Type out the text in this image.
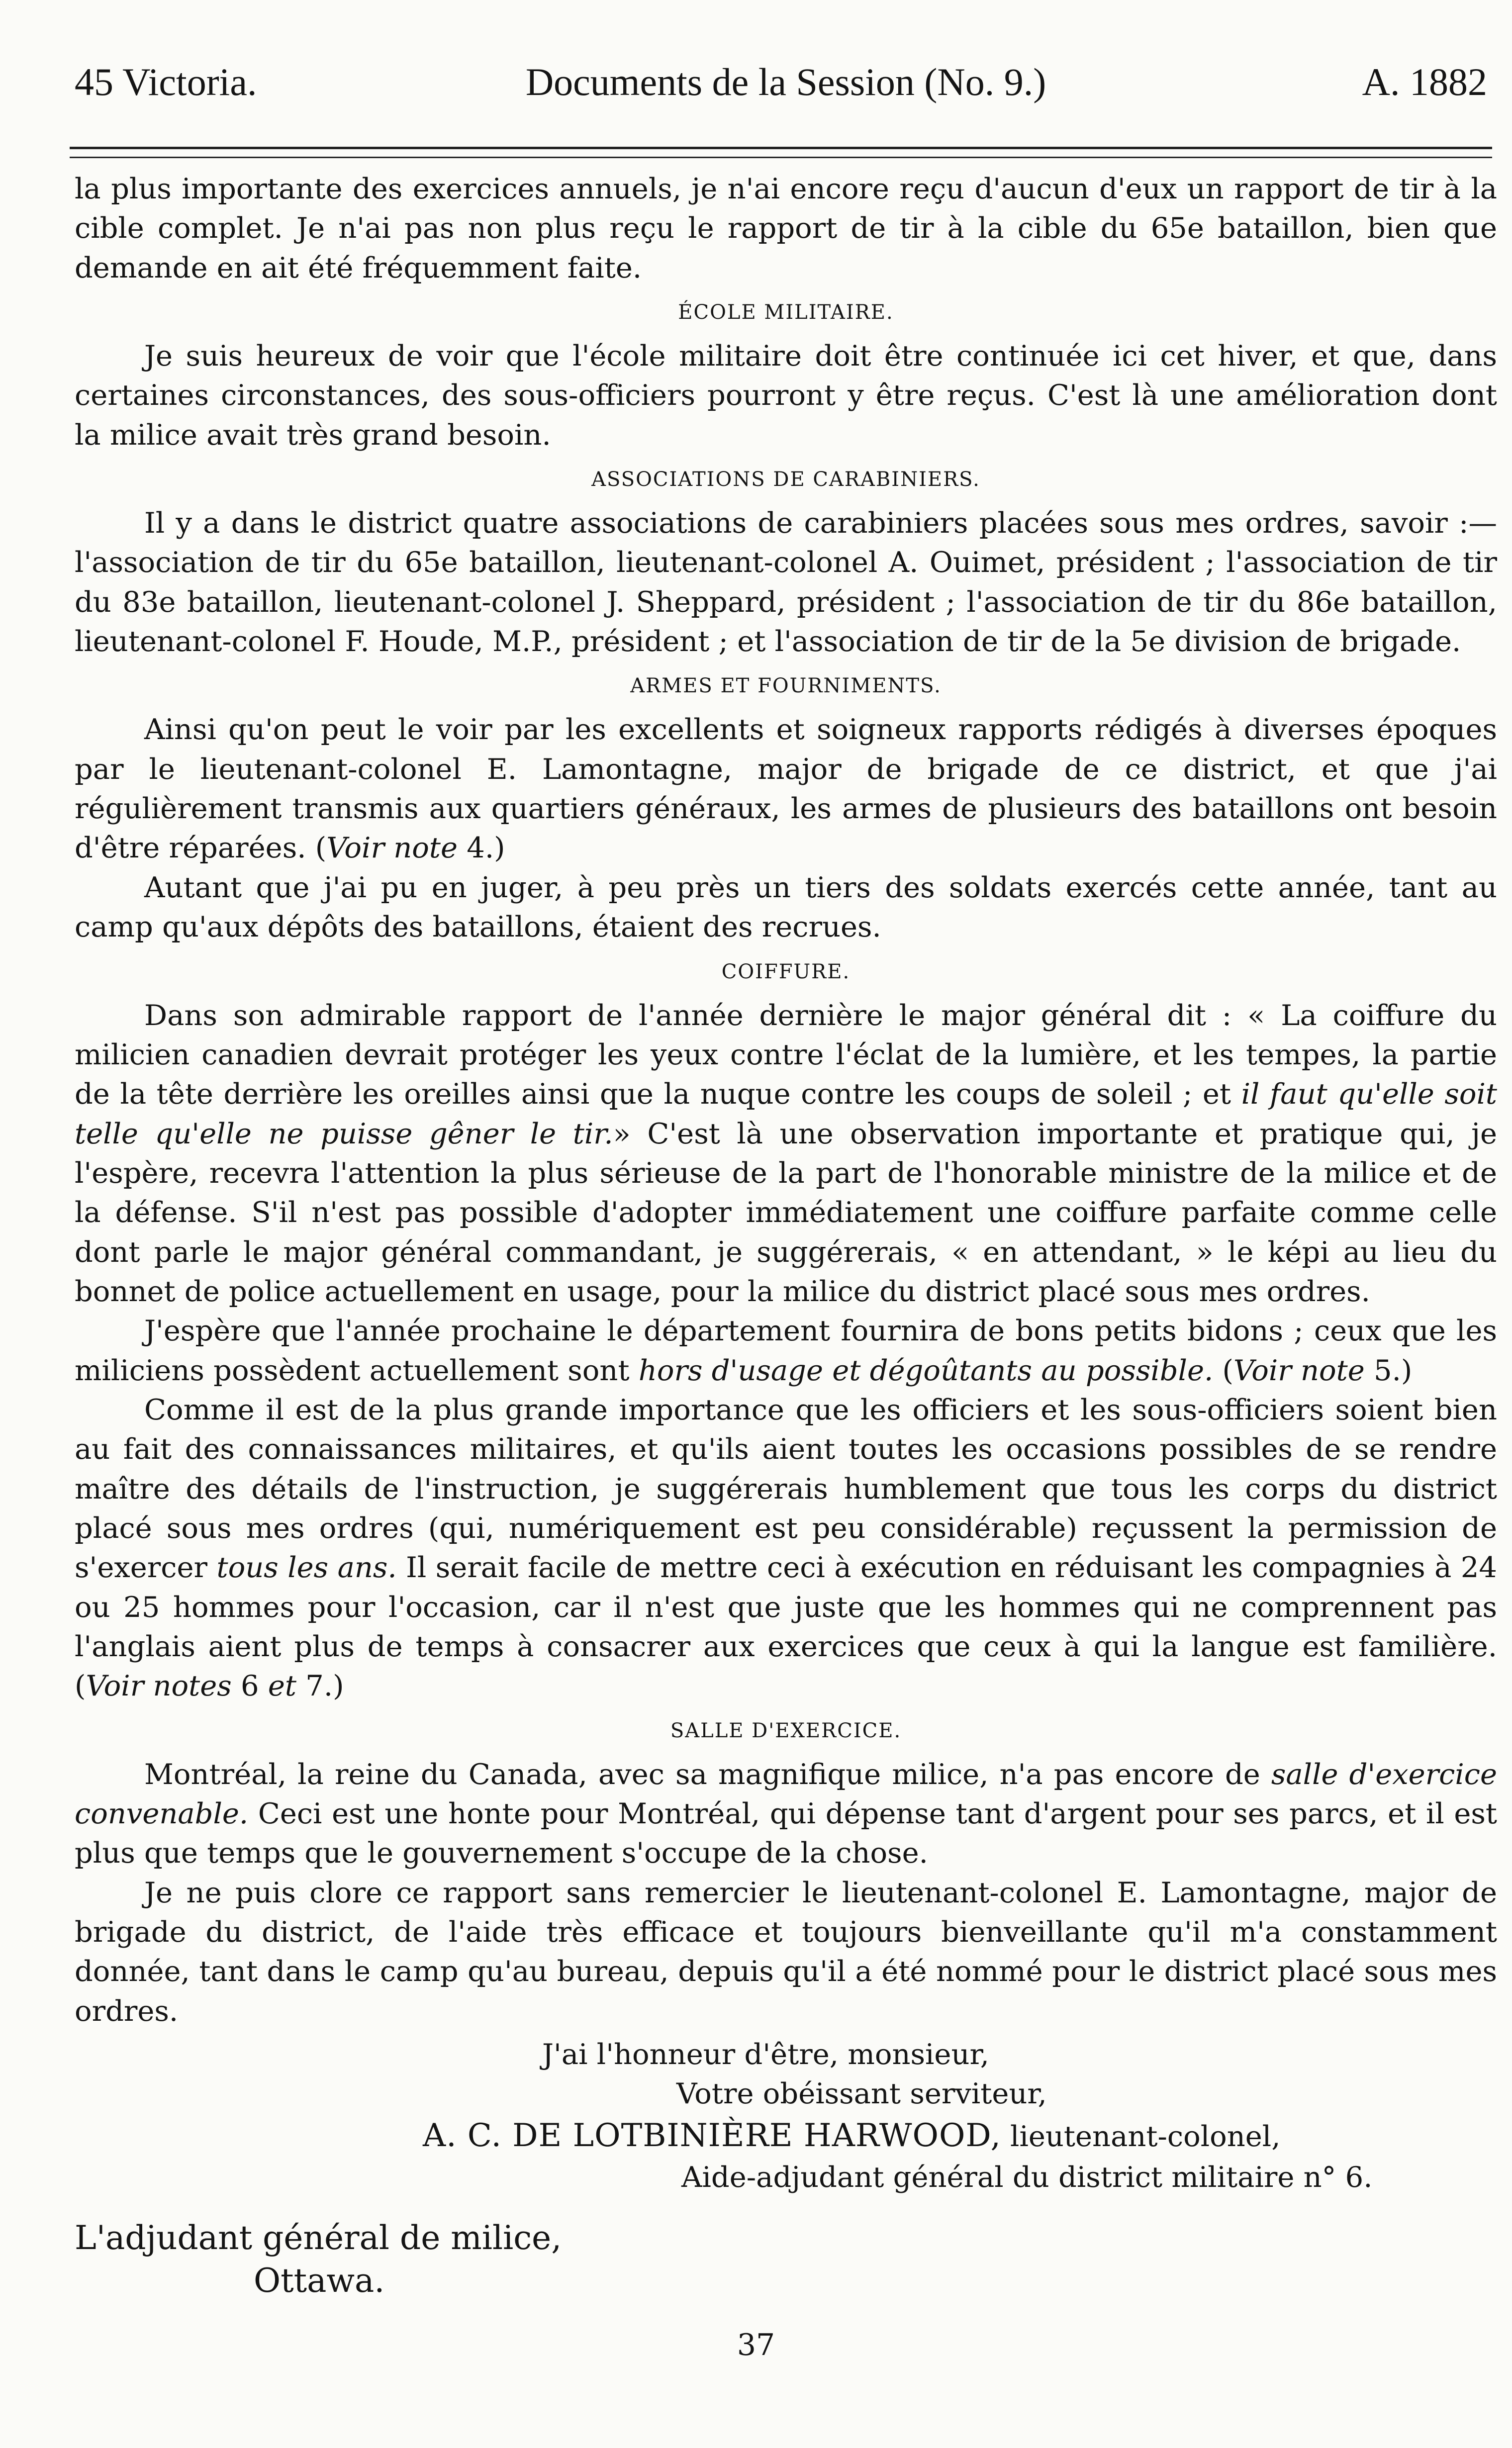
45 Victoria.	Documents de la Session (No. 9.)	A. 1882

la plus importante des exercices annuels, je n'ai encore reçu d'aucun d'eux un rapport de tir à la cible complet. Je n'ai pas non plus reçu le rapport de tir à la cible du 65e bataillon, bien que demande en ait été fréquemment faite.

ÉCOLE MILITAIRE.

Je suis heureux de voir que l'école militaire doit être continuée ici cet hiver, et que, dans certaines circonstances, des sous-officiers pourront y être reçus. C'est là une amélioration dont la milice avait très grand besoin.

ASSOCIATIONS DE CARABINIERS.

Il y a dans le district quatre associations de carabiniers placées sous mes ordres, savoir :—l'association de tir du 65e bataillon, lieutenant-colonel A. Ouimet, président ; l'association de tir du 83e bataillon, lieutenant-colonel J. Sheppard, président ; l'association de tir du 86e bataillon, lieutenant-colonel F. Houde, M.P., président ; et l'association de tir de la 5e division de brigade.

ARMES ET FOURNIMENTS.

Ainsi qu'on peut le voir par les excellents et soigneux rapports rédigés à diverses époques par le lieutenant-colonel E. Lamontagne, major de brigade de ce district, et que j'ai régulièrement transmis aux quartiers généraux, les armes de plusieurs des bataillons ont besoin d'être réparées. (Voir note 4.)

Autant que j'ai pu en juger, à peu près un tiers des soldats exercés cette année, tant au camp qu'aux dépôts des bataillons, étaient des recrues.

COIFFURE.

Dans son admirable rapport de l'année dernière le major général dit : « La coiffure du milicien canadien devrait protéger les yeux contre l'éclat de la lumière, et les tempes, la partie de la tête derrière les oreilles ainsi que la nuque contre les coups de soleil ; et il faut qu'elle soit telle qu'elle ne puisse gêner le tir.» C'est là une observation importante et pratique qui, je l'espère, recevra l'attention la plus sérieuse de la part de l'honorable ministre de la milice et de la défense. S'il n'est pas possible d'adopter immédiatement une coiffure parfaite comme celle dont parle le major général commandant, je suggérerais, « en attendant, » le képi au lieu du bonnet de police actuellement en usage, pour la milice du district placé sous mes ordres.

J'espère que l'année prochaine le département fournira de bons petits bidons ; ceux que les miliciens possèdent actuellement sont hors d'usage et dégoûtants au possible. (Voir note 5.)

Comme il est de la plus grande importance que les officiers et les sous-officiers soient bien au fait des connaissances militaires, et qu'ils aient toutes les occasions possibles de se rendre maître des détails de l'instruction, je suggérerais humblement que tous les corps du district placé sous mes ordres (qui, numériquement est peu considérable) reçussent la permission de s'exercer tous les ans. Il serait facile de mettre ceci à exécution en réduisant les compagnies à 24 ou 25 hommes pour l'occasion, car il n'est que juste que les hommes qui ne comprennent pas l'anglais aient plus de temps à consacrer aux exercices que ceux à qui la langue est familière. (Voir notes 6 et 7.)

SALLE D'EXERCICE.

Montréal, la reine du Canada, avec sa magnifique milice, n'a pas encore de salle d'exercice convenable. Ceci est une honte pour Montréal, qui dépense tant d'argent pour ses parcs, et il est plus que temps que le gouvernement s'occupe de la chose.

Je ne puis clore ce rapport sans remercier le lieutenant-colonel E. Lamontagne, major de brigade du district, de l'aide très efficace et toujours bienveillante qu'il m'a constamment donnée, tant dans le camp qu'au bureau, depuis qu'il a été nommé pour le district placé sous mes ordres.

J'ai l'honneur d'être, monsieur,
Votre obéissant serviteur,
A. C. DE LOTBINIÈRE HARWOOD, lieutenant-colonel,
Aide-adjudant général du district militaire n° 6.
L'adjudant général de milice,
Ottawa.
37
